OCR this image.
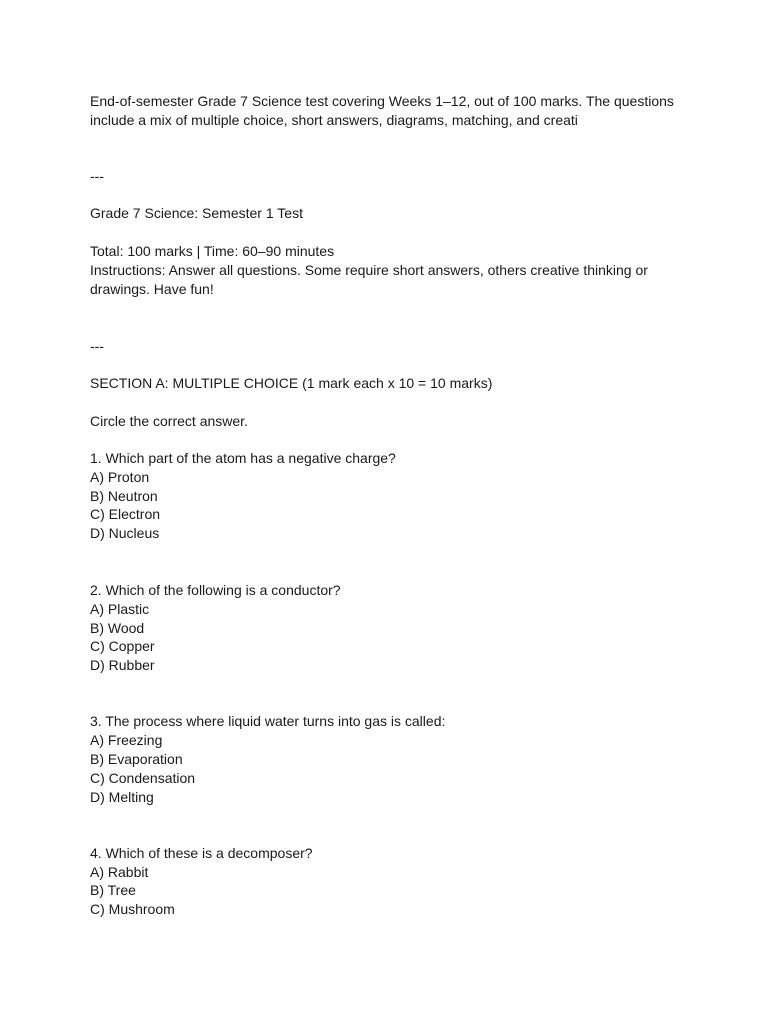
End-of-semester Grade 7 Science test covering Weeks 1–12, out of 100 marks. The questions include a mix of multiple choice, short answers, diagrams, matching, and creati
---
Grade 7 Science: Semester 1 Test
Total: 100 marks | Time: 60–90 minutes
Instructions: Answer all questions. Some require short answers, others creative thinking or drawings. Have fun!
---
SECTION A: MULTIPLE CHOICE (1 mark each x 10 = 10 marks)
Circle the correct answer.
1. Which part of the atom has a negative charge?
A) Proton
B) Neutron
C) Electron
D) Nucleus
2. Which of the following is a conductor?
A) Plastic
B) Wood
C) Copper
D) Rubber
3. The process where liquid water turns into gas is called:
A) Freezing
B) Evaporation
C) Condensation
D) Melting
4. Which of these is a decomposer?
A) Rabbit
B) Tree
C) Mushroom
